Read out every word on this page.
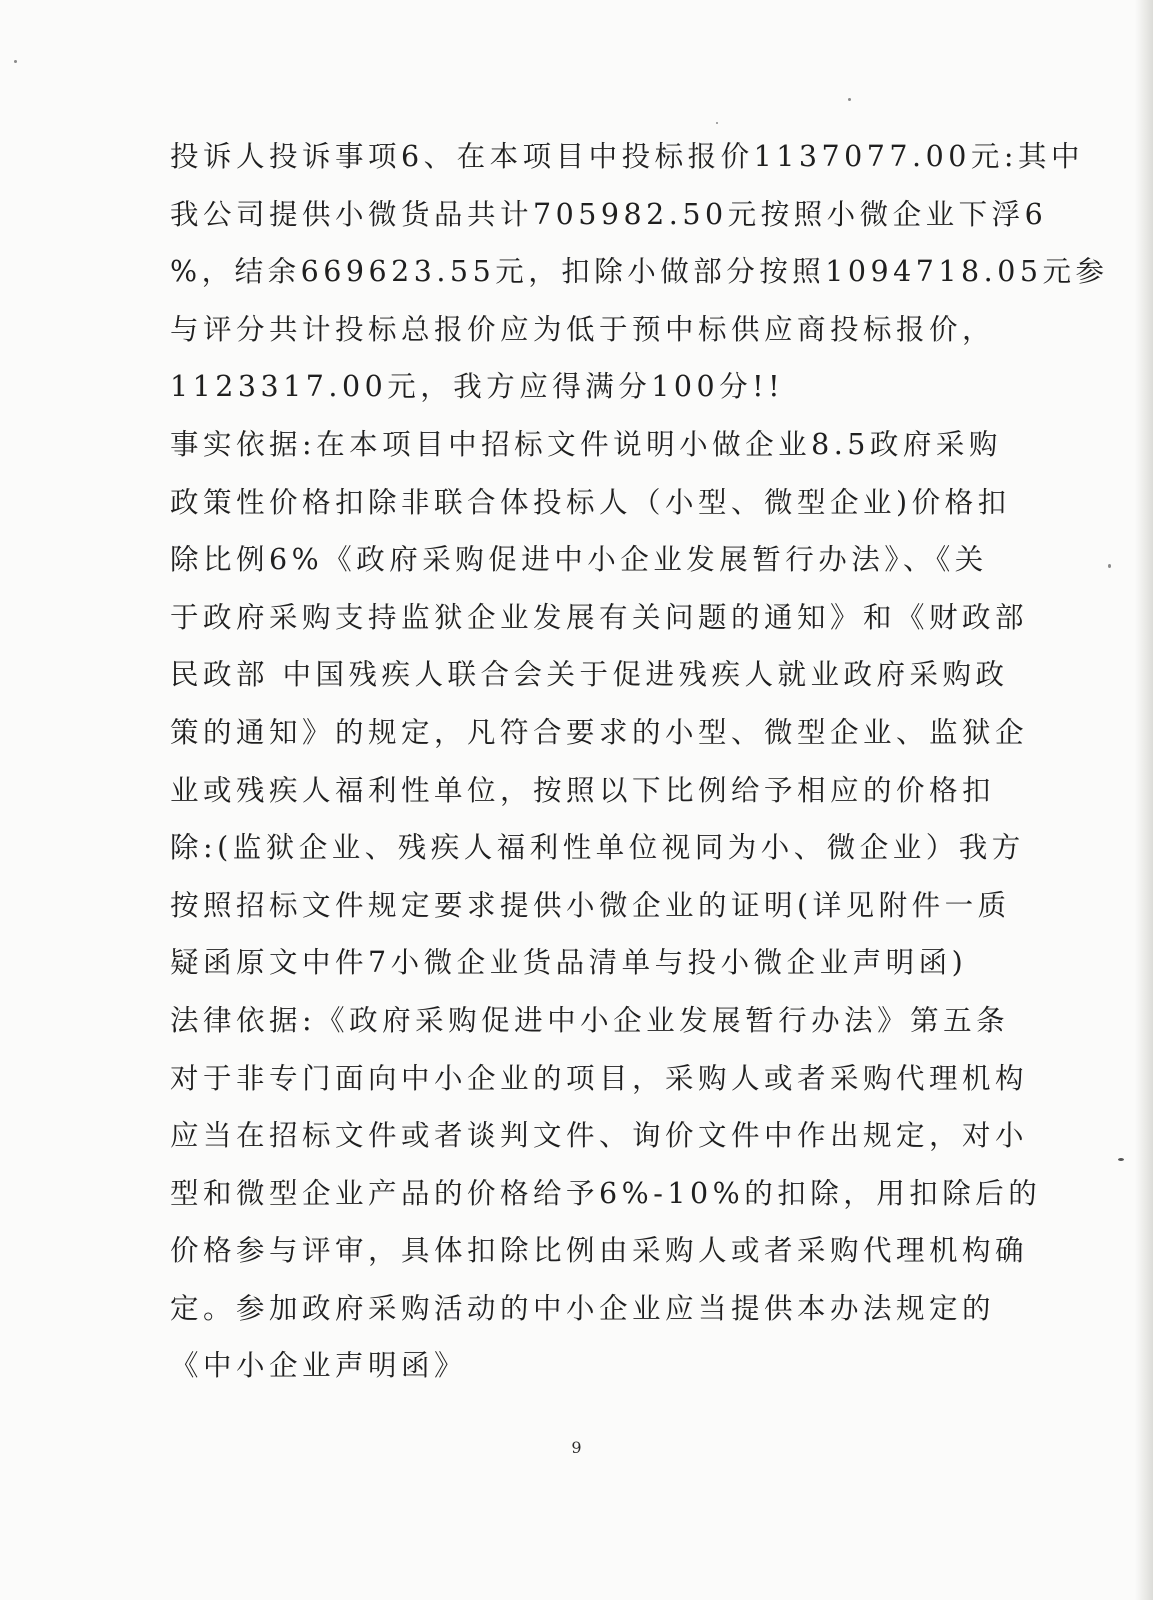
投诉人投诉事项6、在本项目中投标报价1137077.00元:其中
我公司提供小微货品共计705982.50元按照小微企业下浮6
%，结余669623.55元，扣除小做部分按照1094718.05元参
与评分共计投标总报价应为低于预中标供应商投标报价，
1123317.00元，我方应得满分100分!!
事实依据:在本项目中招标文件说明小做企业8.5政府采购
政策性价格扣除非联合体投标人（小型、微型企业)价格扣
除比例6%《政府采购促进中小企业发展暂行办法》、《关
于政府采购支持监狱企业发展有关问题的通知》和《财政部
民政部 中国残疾人联合会关于促进残疾人就业政府采购政
策的通知》的规定，凡符合要求的小型、微型企业、监狱企
业或残疾人福利性单位，按照以下比例给予相应的价格扣
除:(监狱企业、残疾人福利性单位视同为小、微企业）我方
按照招标文件规定要求提供小微企业的证明(详见附件一质
疑函原文中件7小微企业货品清单与投小微企业声明函)
法律依据:《政府采购促进中小企业发展暂行办法》第五条
对于非专门面向中小企业的项目，采购人或者采购代理机构
应当在招标文件或者谈判文件、询价文件中作出规定，对小
型和微型企业产品的价格给予6%-10%的扣除，用扣除后的
价格参与评审，具体扣除比例由采购人或者采购代理机构确
定。参加政府采购活动的中小企业应当提供本办法规定的
《中小企业声明函》
9
